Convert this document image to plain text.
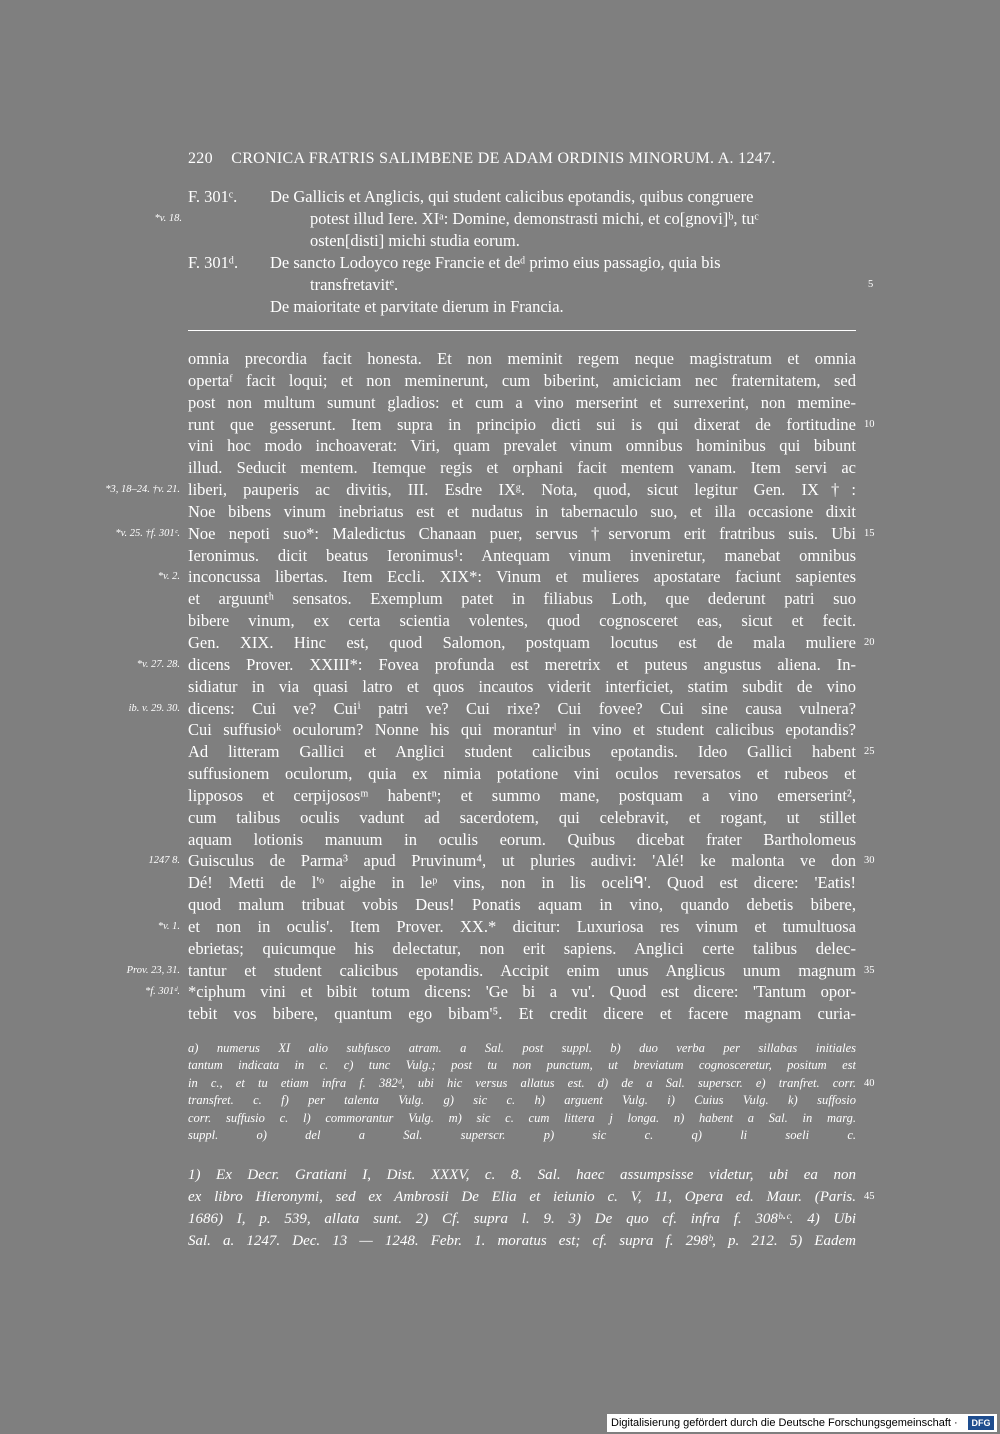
220 CRONICA FRATRIS SALIMBENE DE ADAM ORDINIS MINORUM. A. 1247.
F. 301ᶜ. De Gallicis et Anglicis, qui student calicibus epotandis, quibus congruere
*v. 18.	potest illud Iere. XIᵃ: Domine, demonstrasti michi, et co[gnovi]ᵇ, tuᶜ
osten[disti] michi studia eorum.
F. 301ᵈ. De sancto Lodoyco rege Francie et deᵈ primo eius passagio, quia bis
transfretavitᵉ.	5
De maioritate et parvitate dierum in Francia.
omnia precordia facit honesta. Et non meminit regem neque magistratum et omnia
opertaᶠ facit loqui; et non meminerunt, cum biberint, amiciciam nec fraternitatem, sed
post non multum sumunt gladios: et cum a vino merserint et surrexerint, non memine-
runt que gesserunt. Item supra in principio dicti sui is qui dixerat de fortitudine 10
vini hoc modo inchoaverat: Viri, quam prevalet vinum omnibus hominibus qui bibunt
illud. Seducit mentem. Itemque regis et orphani facit mentem vanam. Item servi ac
*3, 18–24. †v. 21. liberi, pauperis ac divitis, III. Esdre IXᵍ. Nota, quod, sicut legitur Gen. IX†:
Noe bibens vinum inebriatus est et nudatus in tabernaculo suo, et illa occasione dixit
*v. 25. †f. 301ᶜ. Noe nepoti suo*: Maledictus Chanaan puer, servus †servorum erit fratribus suis. Ubi 15
Ieronimus. dicit beatus Ieronimus¹: Antequam vinum inveniretur, manebat omnibus
*v. 2. inconcussa libertas. Item Eccli. XIX*: Vinum et mulieres apostatare faciunt sapientes
et arguuntʰ sensatos. Exemplum patet in filiabus Loth, que dederunt patri suo
bibere vinum, ex certa scientia volentes, quod cognosceret eas, sicut et fecit.
Gen. XIX. Hinc est, quod Salomon, postquam locutus est de mala muliere 20
*v. 27. 28. dicens Prover. XXIII*: Fovea profunda est meretrix et puteus angustus aliena. In-
sidiatur in via quasi latro et quos incautos viderit interficiet, statim subdit de vino
ib. v. 29. 30. dicens: Cui ve? Cuiⁱ patri ve? Cui rixe? Cui fovee? Cui sine causa vulnera?
Cui suffusioᵏ oculorum? Nonne his qui moranturˡ in vino et student calicibus epotandis?
Ad litteram Gallici et Anglici student calicibus epotandis. Ideo Gallici habent 25
suffusionem oculorum, quia ex nimia potatione vini oculos reversatos et rubeos et
lipposos et cerpijososᵐ habentⁿ; et summo mane, postquam a vino emerserint²,
cum talibus oculis vadunt ad sacerdotem, qui celebravit, et rogant, ut stillet
aquam lotionis manuum in oculis eorum. Quibus dicebat frater Bartholomeus
1247 8. Guisculus de Parma³ apud Pruvinum⁴, ut pluries audivi: 'Alé! ke malonta ve don 30
Dé! Metti de l'ᵒ aighe in leᵖ vins, non in lis oceliᑫ'. Quod est dicere: 'Eatis!
quod malum tribuat vobis Deus! Ponatis aquam in vino, quando debetis bibere,
*v. 1. et non in oculis'. Item Prover. XX.* dicitur: Luxuriosa res vinum et tumultuosa
ebrietas; quicumque his delectatur, non erit sapiens. Anglici certe talibus delec-
Prov. 23, 31. tantur et student calicibus epotandis. Accipit enim unus Anglicus unum magnum 35
*f. 301ᵈ. *ciphum vini et bibit totum dicens: 'Ge bi a vu'. Quod est dicere: 'Tantum opor-
tebit vos bibere, quantum ego bibam'⁵. Et credit dicere et facere magnam curia-
a) numerus XI alio subfusco atram. a Sal. post suppl. b) duo verba per sillabas initiales
tantum indicata in c. c) tunc Vulg.; post tu non punctum, ut breviatum cognosceretur, positum est
in c., et tu etiam infra f. 382ᵈ, ubi hic versus allatus est. d) de a Sal. superscr. e) tranfret. corr. 40
transfret. c. f) per talenta Vulg. g) sic c. h) arguent Vulg. i) Cuius Vulg. k) suffosio
corr. suffusio c. l) commorantur Vulg. m) sic c. cum littera j longa. n) habent a Sal. in marg.
suppl. o) del a Sal. superscr. p) sic c. q) li soeli c.
1) Ex Decr. Gratiani I, Dist. XXXV, c. 8. Sal. haec assumpsisse videtur, ubi ea non
ex libro Hieronymi, sed ex Ambrosii De Elia et ieiunio c. V, 11, Opera ed. Maur. (Paris. 45
1686) I, p. 539, allata sunt. 2) Cf. supra l. 9. 3) De quo cf. infra f. 308ᵇ·ᶜ. 4) Ubi
Sal. a. 1247. Dec. 13 — 1248. Febr. 1. moratus est; cf. supra f. 298ᵇ, p. 212. 5) Eadem
Digitalisierung gefördert durch die Deutsche Forschungsgemeinschaft ·	DFG
